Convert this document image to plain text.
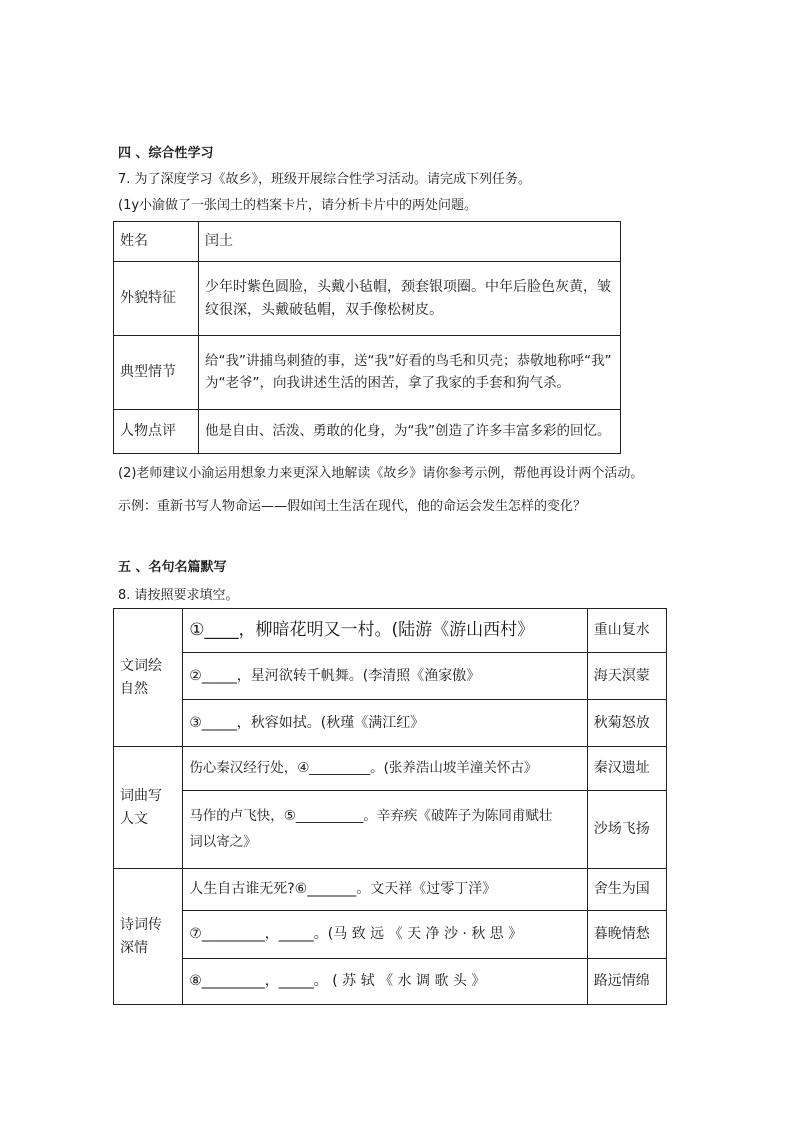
四 、综合性学习
7. 为了深度学习《故乡》，班级开展综合性学习活动。请完成下列任务。
(1y小渝做了一张闰土的档案卡片，请分析卡片中的两处问题。
姓名	闰土
外貌特征	少年时紫色圆脸，头戴小毡帽，颈套银项圈。中年后脸色灰黄，皱
纹很深，头戴破毡帽，双手像松树皮。

典型情节	给“我”讲捕鸟刺猹的事，送“我”好看的鸟毛和贝壳；恭敬地称呼“我”
为“老爷”，向我讲述生活的困苦，拿了我家的手套和狗气杀。

人物点评	他是自由、活泼、勇敢的化身，为“我”创造了许多丰富多彩的回忆。
(2)老师建议小渝运用想象力来更深入地解读《故乡》请你参考示例，帮他再设计两个活动。
示例：重新书写人物命运——假如闰土生活在现代，他的命运会发生怎样的变化？
五 、名句名篇默写
8. 请按照要求填空。
文词绘
自然	①____，柳暗花明又一村。(陆游《游山西村》	重山复水
	②_____，星河欲转千帆舞。(李清照《渔家傲》	海天溟蒙
	③_____，秋容如拭。(秋瑾《满江红》	秋菊怒放

词曲写
人文	伤心秦汉经行处，④_________。(张养浩山坡羊潼关怀古》	秦汉遗址

	马作的卢飞快，⑤__________。辛弃疾《破阵子为陈同甫赋壮
词以寄之》	沙场飞扬

诗词传
深情	人生自古谁无死?⑥_______。文天祥《过零丁洋》	舍生为国
	⑦_________，_____。(马 致 远 《 天 净 沙 · 秋 思 》	暮晚情愁
	⑧_________，_____。 ( 苏 轼 《 水 调 歌 头 》	路远情绵
